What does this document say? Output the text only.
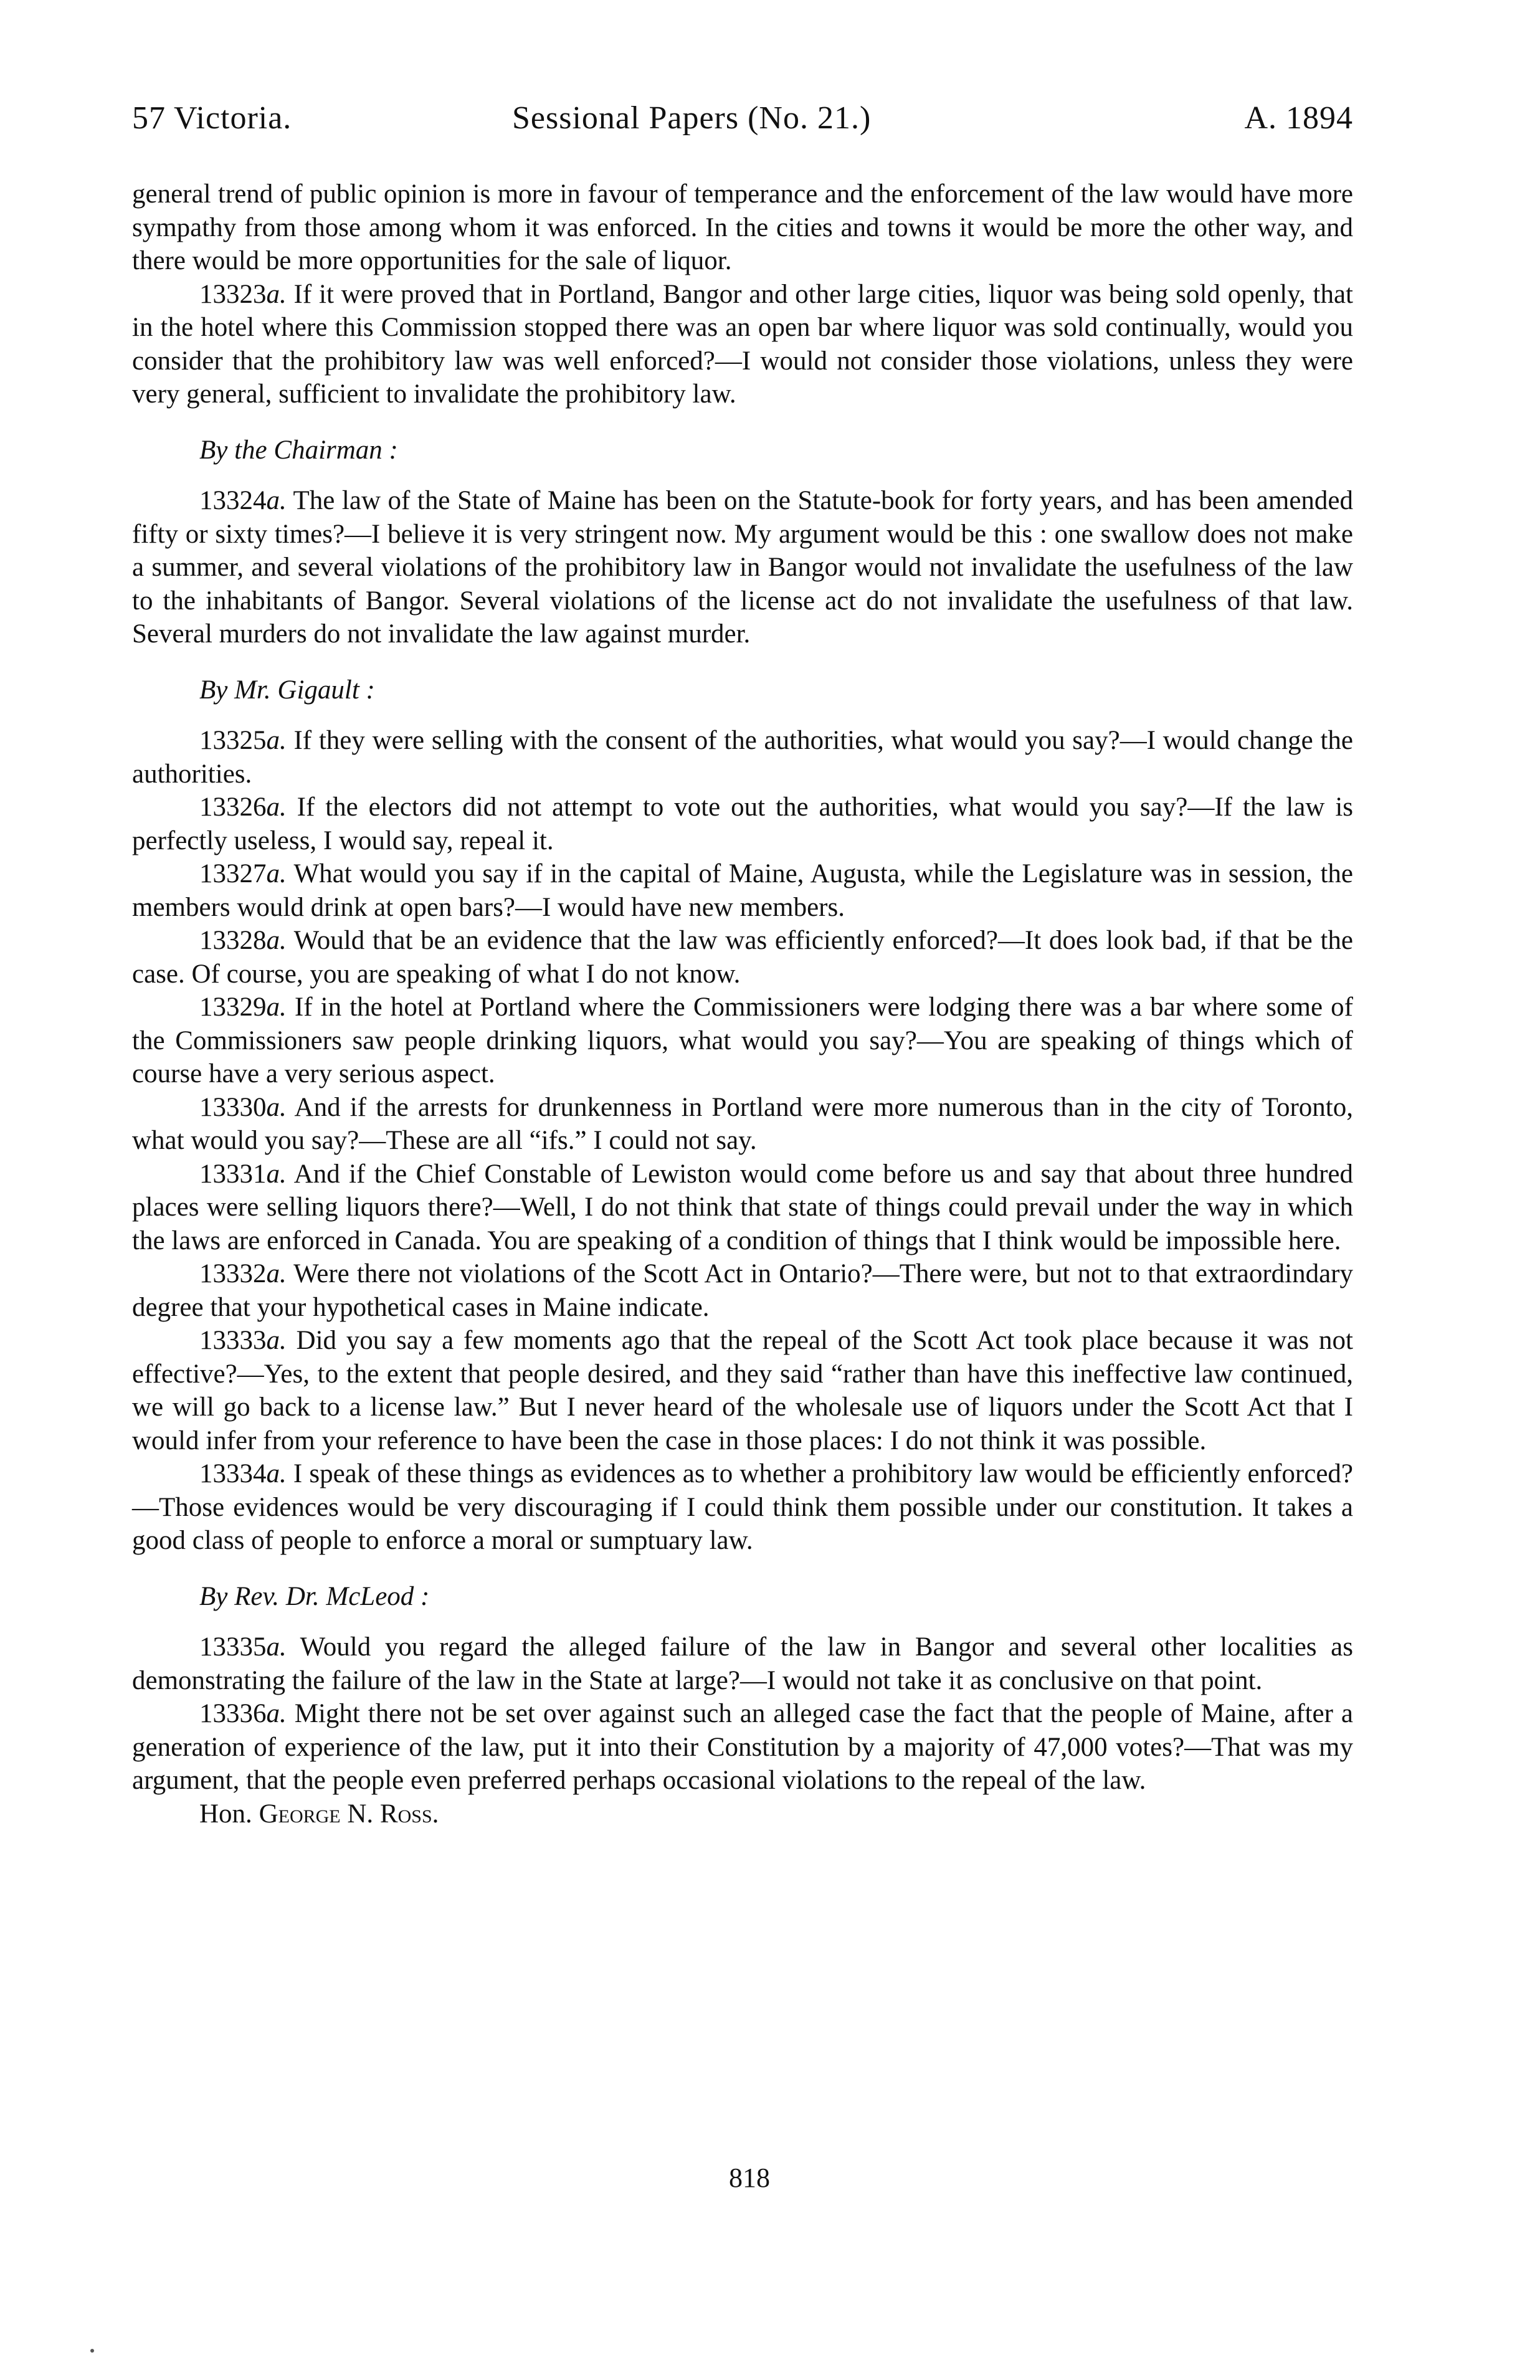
57 Victoria.	Sessional Papers (No. 21.)	A. 1894

general trend of public opinion is more in favour of temperance and the enforcement of the law would have more sympathy from those among whom it was enforced. In the cities and towns it would be more the other way, and there would be more opportunities for the sale of liquor.

13323a. If it were proved that in Portland, Bangor and other large cities, liquor was being sold openly, that in the hotel where this Commission stopped there was an open bar where liquor was sold continually, would you consider that the prohibitory law was well enforced?—I would not consider those violations, unless they were very general, sufficient to invalidate the prohibitory law.

By the Chairman :

13324a. The law of the State of Maine has been on the Statute-book for forty years, and has been amended fifty or sixty times?—I believe it is very stringent now. My argument would be this : one swallow does not make a summer, and several violations of the prohibitory law in Bangor would not invalidate the usefulness of the law to the inhabitants of Bangor. Several violations of the license act do not invalidate the usefulness of that law. Several murders do not invalidate the law against murder.

By Mr. Gigault :

13325a. If they were selling with the consent of the authorities, what would you say?—I would change the authorities.

13326a. If the electors did not attempt to vote out the authorities, what would you say?—If the law is perfectly useless, I would say, repeal it.

13327a. What would you say if in the capital of Maine, Augusta, while the Legislature was in session, the members would drink at open bars?—I would have new members.

13328a. Would that be an evidence that the law was efficiently enforced?—It does look bad, if that be the case. Of course, you are speaking of what I do not know.

13329a. If in the hotel at Portland where the Commissioners were lodging there was a bar where some of the Commissioners saw people drinking liquors, what would you say?—You are speaking of things which of course have a very serious aspect.

13330a. And if the arrests for drunkenness in Portland were more numerous than in the city of Toronto, what would you say?—These are all “ifs.” I could not say.

13331a. And if the Chief Constable of Lewiston would come before us and say that about three hundred places were selling liquors there?—Well, I do not think that state of things could prevail under the way in which the laws are enforced in Canada. You are speaking of a condition of things that I think would be impossible here.

13332a. Were there not violations of the Scott Act in Ontario?—There were, but not to that extraordindary degree that your hypothetical cases in Maine indicate.

13333a. Did you say a few moments ago that the repeal of the Scott Act took place because it was not effective?—Yes, to the extent that people desired, and they said “rather than have this ineffective law continued, we will go back to a license law.” But I never heard of the wholesale use of liquors under the Scott Act that I would infer from your reference to have been the case in those places: I do not think it was possible.

13334a. I speak of these things as evidences as to whether a prohibitory law would be efficiently enforced?—Those evidences would be very discouraging if I could think them possible under our constitution. It takes a good class of people to enforce a moral or sumptuary law.

By Rev. Dr. McLeod :

13335a. Would you regard the alleged failure of the law in Bangor and several other localities as demonstrating the failure of the law in the State at large?—I would not take it as conclusive on that point.

13336a. Might there not be set over against such an alleged case the fact that the people of Maine, after a generation of experience of the law, put it into their Constitution by a majority of 47,000 votes?—That was my argument, that the people even preferred perhaps occasional violations to the repeal of the law.

Hon. George N. Ross.

818
